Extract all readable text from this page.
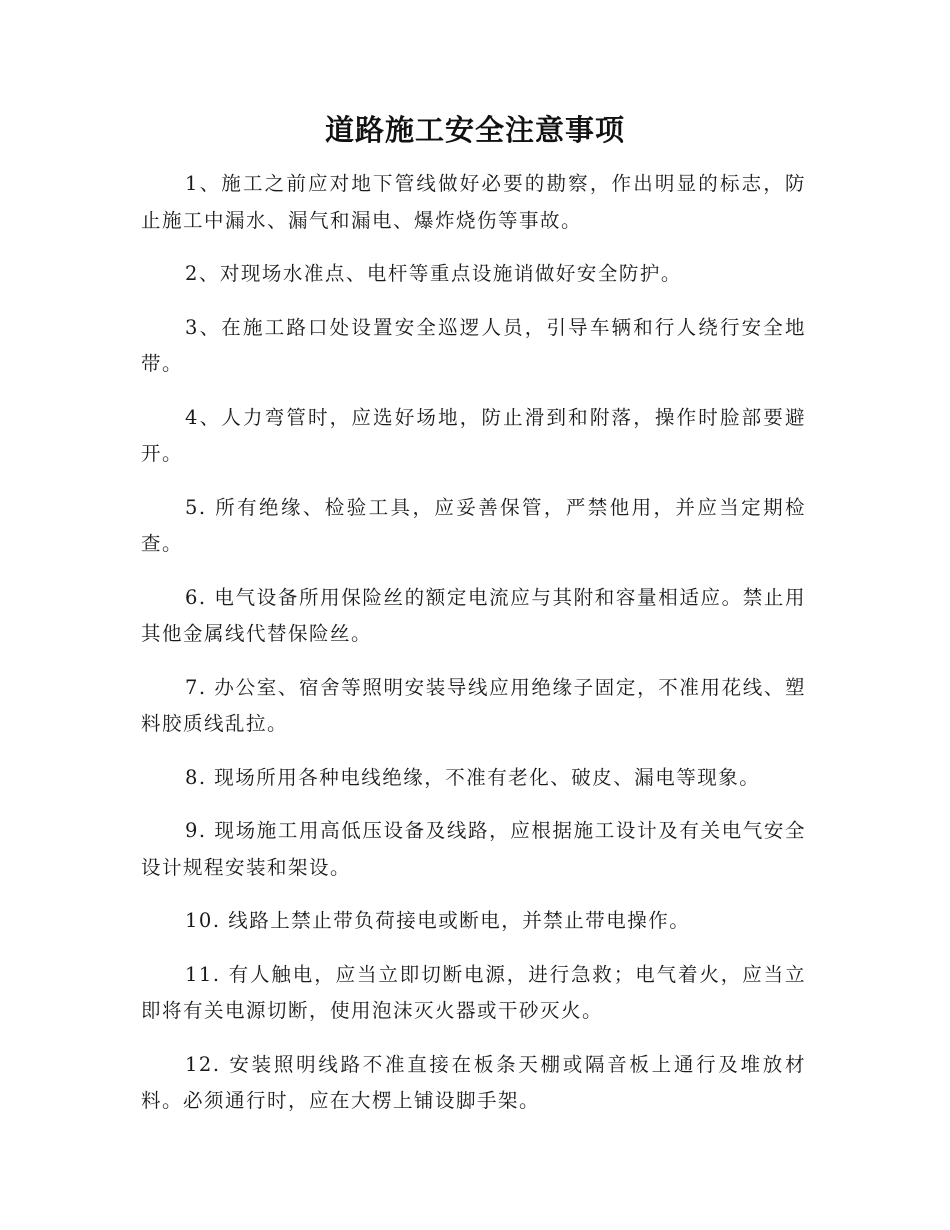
道路施工安全注意事项

1、施工之前应对地下管线做好必要的勘察，作出明显的标志，防止施工中漏水、漏气和漏电、爆炸烧伤等事故。

2、对现场水准点、电杆等重点设施诮做好安全防护。

3、在施工路口处设置安全巡逻人员，引导车辆和行人绕行安全地带。

4、人力弯管时，应选好场地，防止滑到和附落，操作时脸部要避开。

5. 所有绝缘、检验工具，应妥善保管，严禁他用，并应当定期检查。

6. 电气设备所用保险丝的额定电流应与其附和容量相适应。禁止用其他金属线代替保险丝。

7. 办公室、宿舍等照明安装导线应用绝缘子固定，不准用花线、塑料胶质线乱拉。

8. 现场所用各种电线绝缘，不准有老化、破皮、漏电等现象。

9. 现场施工用高低压设备及线路，应根据施工设计及有关电气安全设计规程安装和架设。

10. 线路上禁止带负荷接电或断电，并禁止带电操作。

11. 有人触电，应当立即切断电源，进行急救；电气着火，应当立即将有关电源切断，使用泡沫灭火器或干砂灭火。

12. 安装照明线路不准直接在板条天棚或隔音板上通行及堆放材料。必须通行时，应在大楞上铺设脚手架。
